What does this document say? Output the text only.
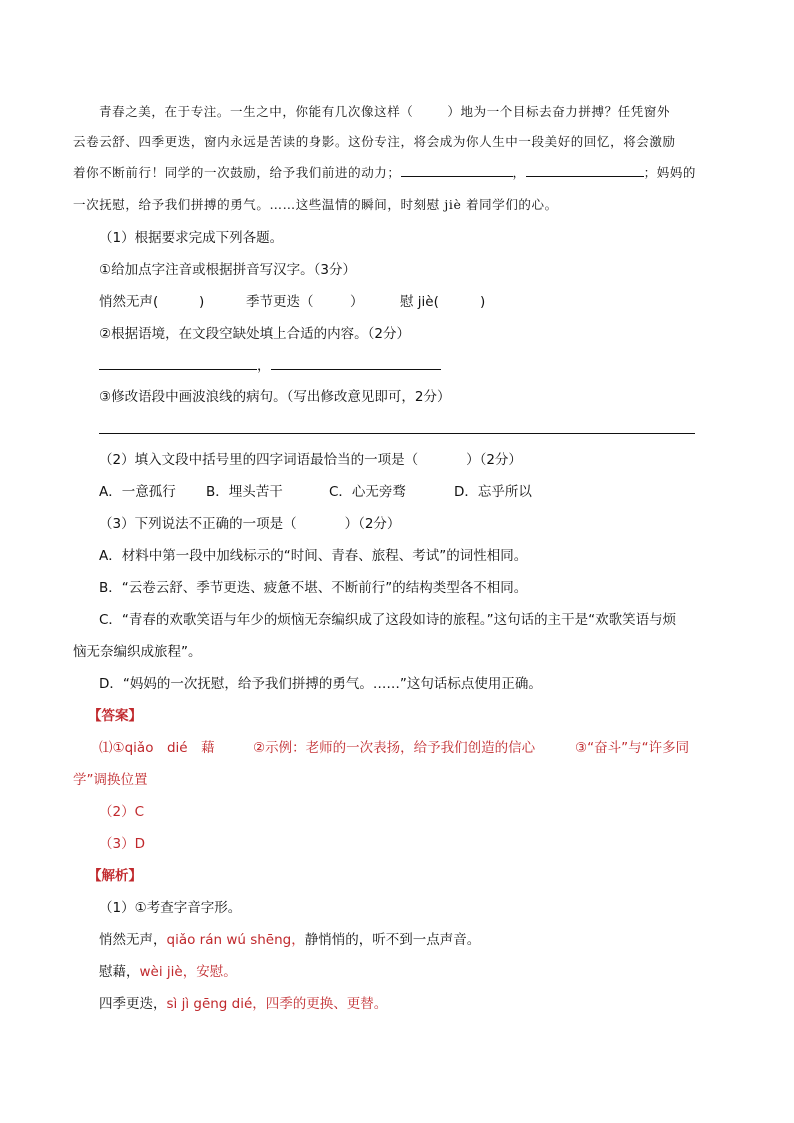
青春之美，在于专注。一生之中，你能有几次像这样（	）地为一个目标去奋力拼搏？任凭窗外
云卷云舒、四季更迭，窗内永远是苦读的身影。这份专注，将会成为你人生中一段美好的回忆，将会激励
着你不断前行！同学的一次鼓励，给予我们前进的动力；	，	；妈妈的
一次抚慰，给予我们拼搏的勇气。……这些温情的瞬间，时刻慰 jiè 着同学们的心。
（1）根据要求完成下列各题。
①给加点字注音或根据拼音写汉字。（3分）
悄然无声(	)	季节更迭（	）	慰 jiè(	)
②根据语境，在文段空缺处填上合适的内容。（2分）
，
③修改语段中画波浪线的病句。（写出修改意见即可，2分）
（2）填入文段中括号里的四字词语最恰当的一项是（	）（2分）
A．一意孤行 B．埋头苦干	C．心无旁骛	D．忘乎所以
（3）下列说法不正确的一项是（	）（2分）
A．材料中第一段中加线标示的“时间、青春、旅程、考试”的词性相同。
B．“云卷云舒、季节更迭、疲惫不堪、不断前行”的结构类型各不相同。
C．“青春的欢歌笑语与年少的烦恼无奈编织成了这段如诗的旅程。”这句话的主干是“欢歌笑语与烦
恼无奈编织成旅程”。
D．“妈妈的一次抚慰，给予我们拼搏的勇气。……”这句话标点使用正确。
【答案】
⑴①qiǎo　dié　藉	②示例：老师的一次表扬，给予我们创造的信心	③“奋斗”与“许多同
学”调换位置
（2）C
（3）D
【解析】
（1）①考查字音字形。
悄然无声，qiǎo rán wú shēng，静悄悄的，听不到一点声音。
慰藉，wèi jiè，安慰。
四季更迭，sì jì gēng dié，四季的更换、更替。
